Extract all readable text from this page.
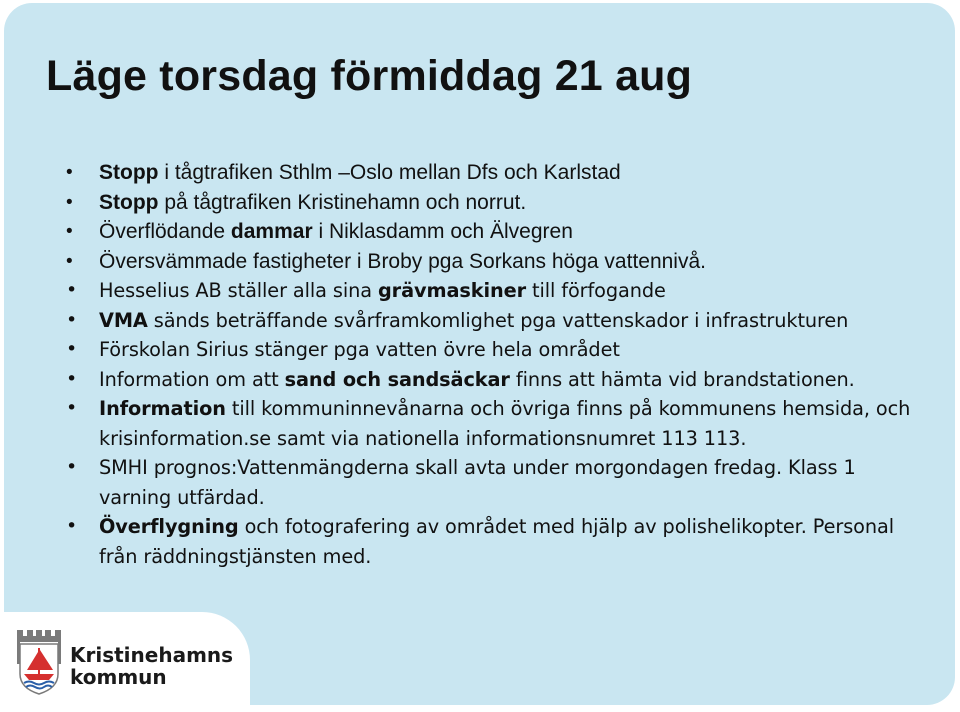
Läge torsdag förmiddag 21 aug
• Stopp i tågtrafiken Sthlm –Oslo mellan Dfs och Karlstad
• Stopp på tågtrafiken Kristinehamn och norrut.
• Överflödande dammar i Niklasdamm och Älvegren
• Översvämmade fastigheter i Broby pga Sorkans höga vattennivå.
• Hesselius AB ställer alla sina grävmaskiner till förfogande
• VMA sänds beträffande svårframkomlighet pga vattenskador i infrastrukturen
• Förskolan Sirius stänger pga vatten övre hela området
• Information om att sand och sandsäckar finns att hämta vid brandstationen.
• Information till kommuninnevånarna och övriga finns på kommunens hemsida, och krisinformation.se samt via nationella informationsnumret 113 113.
• SMHI prognos:Vattenmängderna skall avta under morgondagen fredag. Klass 1 varning utfärdad.
• Överflygning och fotografering av området med hjälp av polishelikopter. Personal från räddningstjänsten med.
Kristinehamns
kommun
